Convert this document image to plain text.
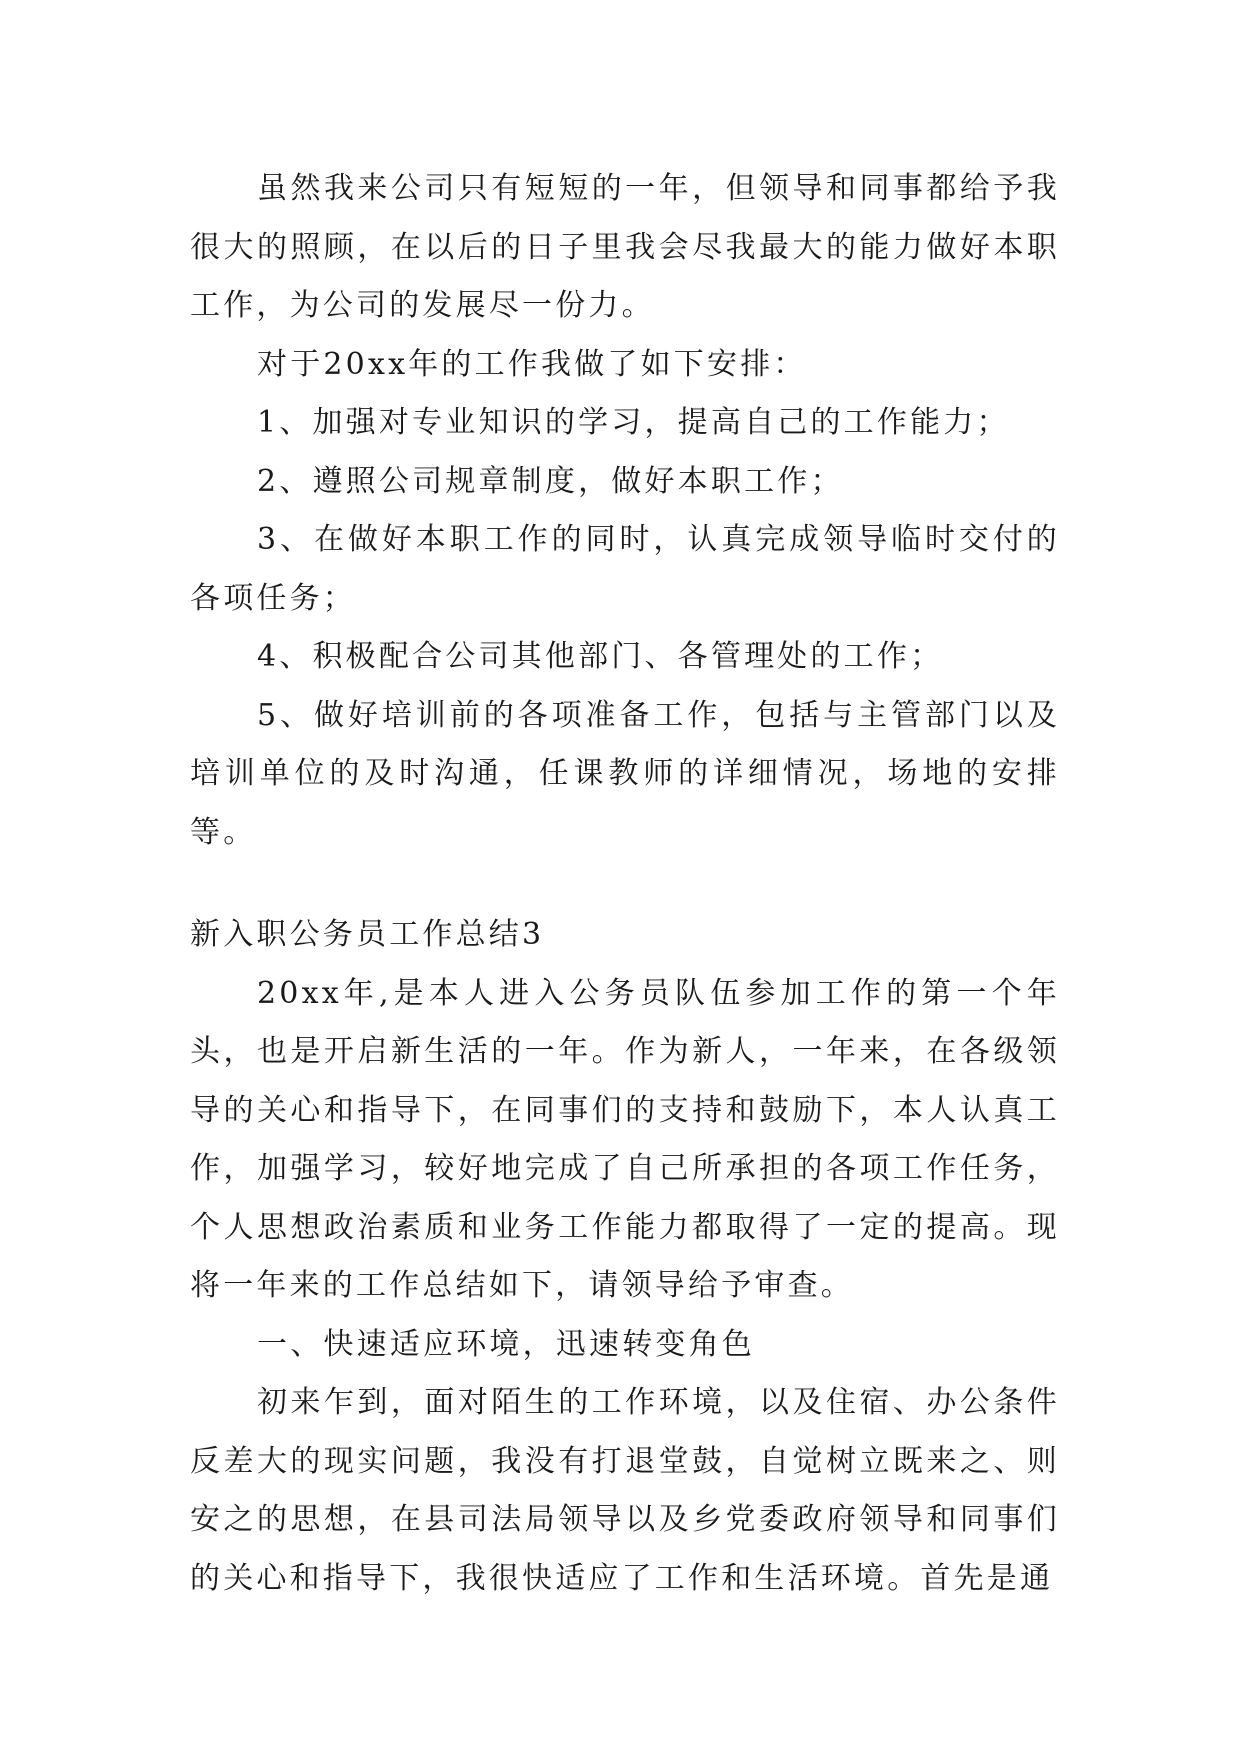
虽然我来公司只有短短的一年，但领导和同事都给予我很大的照顾，在以后的日子里我会尽我最大的能力做好本职工作，为公司的发展尽一份力。

对于20xx年的工作我做了如下安排：

1、加强对专业知识的学习，提高自己的工作能力；

2、遵照公司规章制度，做好本职工作；

3、在做好本职工作的同时，认真完成领导临时交付的各项任务；

4、积极配合公司其他部门、各管理处的工作；

5、做好培训前的各项准备工作，包括与主管部门以及培训单位的及时沟通，任课教师的详细情况，场地的安排等。

新入职公务员工作总结3

20xx年,是本人进入公务员队伍参加工作的第一个年头，也是开启新生活的一年。作为新人，一年来，在各级领导的关心和指导下，在同事们的支持和鼓励下，本人认真工作，加强学习，较好地完成了自己所承担的各项工作任务，个人思想政治素质和业务工作能力都取得了一定的提高。现将一年来的工作总结如下，请领导给予审查。

一、快速适应环境，迅速转变角色

初来乍到，面对陌生的工作环境，以及住宿、办公条件反差大的现实问题，我没有打退堂鼓，自觉树立既来之、则安之的思想，在县司法局领导以及乡党委政府领导和同事们的关心和指导下，我很快适应了工作和生活环境。首先是通
